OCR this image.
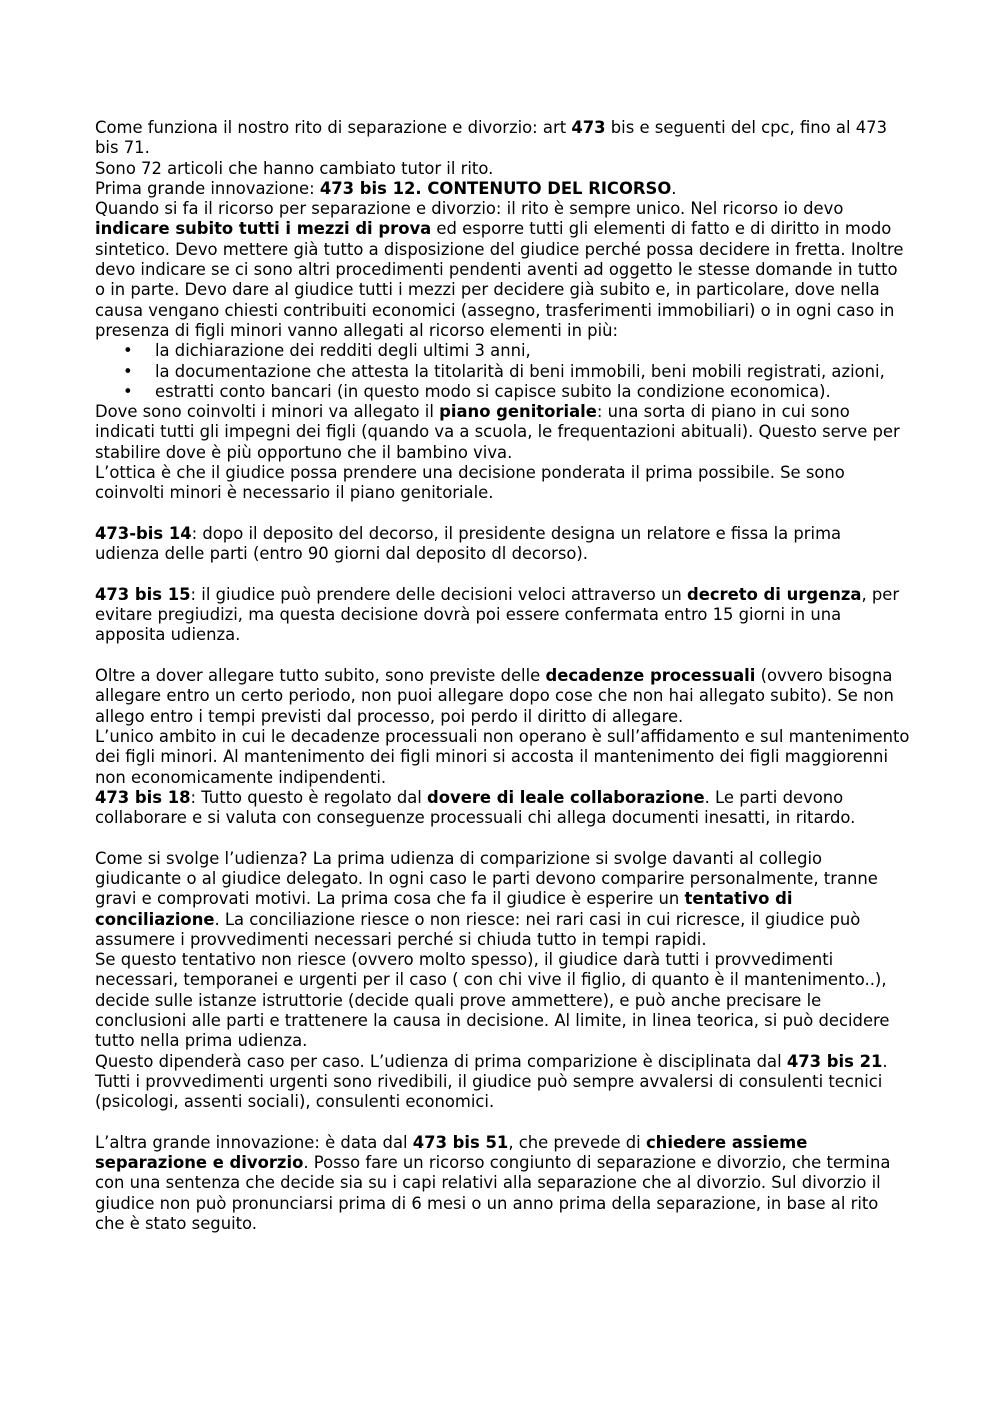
Come funziona il nostro rito di separazione e divorzio: art 473 bis e seguenti del cpc, fino al 473 bis 71.

Sono 72 articoli che hanno cambiato tutor il rito.

Prima grande innovazione: 473 bis 12. CONTENUTO DEL RICORSO.

Quando si fa il ricorso per separazione e divorzio: il rito è sempre unico. Nel ricorso io devo indicare subito tutti i mezzi di prova ed esporre tutti gli elementi di fatto e di diritto in modo sintetico. Devo mettere già tutto a disposizione del giudice perché possa decidere in fretta. Inoltre devo indicare se ci sono altri procedimenti pendenti aventi ad oggetto le stesse domande in tutto o in parte. Devo dare al giudice tutti i mezzi per decidere già subito e, in particolare, dove nella causa vengano chiesti contribuiti economici (assegno, trasferimenti immobiliari) o in ogni caso in presenza di figli minori vanno allegati al ricorso elementi in più:

• la dichiarazione dei redditi degli ultimi 3 anni,
• la documentazione che attesta la titolarità di beni immobili, beni mobili registrati, azioni,
• estratti conto bancari (in questo modo si capisce subito la condizione economica).

Dove sono coinvolti i minori va allegato il piano genitoriale: una sorta di piano in cui sono indicati tutti gli impegni dei figli (quando va a scuola, le frequentazioni abituali). Questo serve per stabilire dove è più opportuno che il bambino viva.

L’ottica è che il giudice possa prendere una decisione ponderata il prima possibile. Se sono coinvolti minori è necessario il piano genitoriale.

473-bis 14: dopo il deposito del decorso, il presidente designa un relatore e fissa la prima udienza delle parti (entro 90 giorni dal deposito dl decorso).

473 bis 15: il giudice può prendere delle decisioni veloci attraverso un decreto di urgenza, per evitare pregiudizi, ma questa decisione dovrà poi essere confermata entro 15 giorni in una apposita udienza.

Oltre a dover allegare tutto subito, sono previste delle decadenze processuali (ovvero bisogna allegare entro un certo periodo, non puoi allegare dopo cose che non hai allegato subito). Se non allego entro i tempi previsti dal processo, poi perdo il diritto di allegare.

L’unico ambito in cui le decadenze processuali non operano è sull’affidamento e sul mantenimento dei figli minori. Al mantenimento dei figli minori si accosta il mantenimento dei figli maggiorenni non economicamente indipendenti.

473 bis 18: Tutto questo è regolato dal dovere di leale collaborazione. Le parti devono collaborare e si valuta con conseguenze processuali chi allega documenti inesatti, in ritardo.

Come si svolge l’udienza? La prima udienza di comparizione si svolge davanti al collegio giudicante o al giudice delegato. In ogni caso le parti devono comparire personalmente, tranne gravi e comprovati motivi. La prima cosa che fa il giudice è esperire un tentativo di conciliazione. La conciliazione riesce o non riesce: nei rari casi in cui ricresce, il giudice può assumere i provvedimenti necessari perché si chiuda tutto in tempi rapidi.

Se questo tentativo non riesce (ovvero molto spesso), il giudice darà tutti i provvedimenti necessari, temporanei e urgenti per il caso ( con chi vive il figlio, di quanto è il mantenimento..), decide sulle istanze istruttorie (decide quali prove ammettere), e può anche precisare le conclusioni alle parti e trattenere la causa in decisione. Al limite, in linea teorica, si può decidere tutto nella prima udienza.

Questo dipenderà caso per caso. L’udienza di prima comparizione è disciplinata dal 473 bis 21. Tutti i provvedimenti urgenti sono rivedibili, il giudice può sempre avvalersi di consulenti tecnici (psicologi, assenti sociali), consulenti economici.

L’altra grande innovazione: è data dal 473 bis 51, che prevede di chiedere assieme separazione e divorzio. Posso fare un ricorso congiunto di separazione e divorzio, che termina con una sentenza che decide sia su i capi relativi alla separazione che al divorzio. Sul divorzio il giudice non può pronunciarsi prima di 6 mesi o un anno prima della separazione, in base al rito che è stato seguito.
